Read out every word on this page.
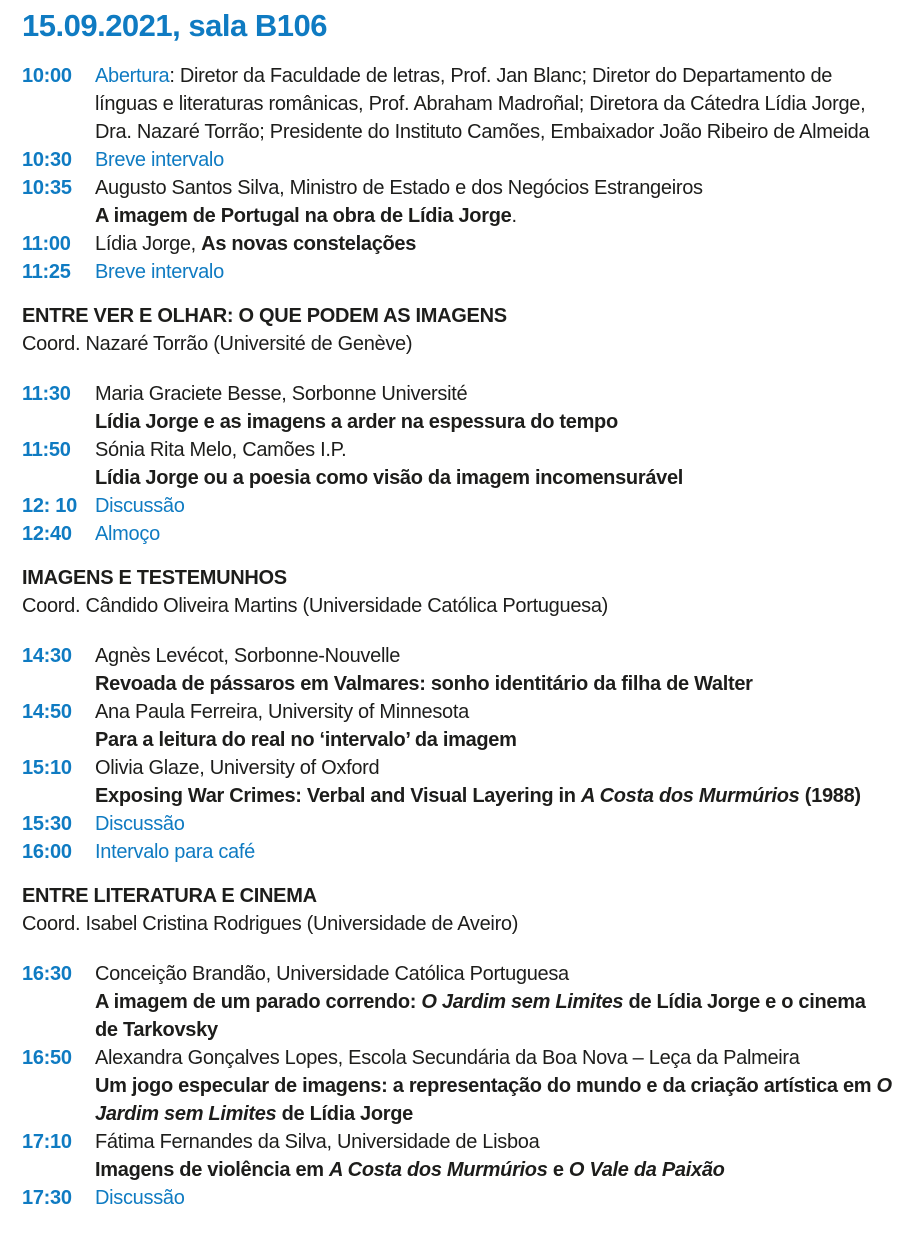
15.09.2021, sala B106
10:00	Abertura: Diretor da Faculdade de letras, Prof. Jan Blanc; Diretor do Departamento de línguas e literaturas românicas, Prof. Abraham Madroñal; Diretora da Cátedra Lídia Jorge, Dra. Nazaré Torrão; Presidente do Instituto Camões, Embaixador João Ribeiro de Almeida

10:30	Breve intervalo

10:35	Augusto Santos Silva, Ministro de Estado e dos Negócios Estrangeiros

A imagem de Portugal na obra de Lídia Jorge.

11:00	Lídia Jorge, As novas constelações

11:25	Breve intervalo

ENTRE VER E OLHAR: O QUE PODEM AS IMAGENS
Coord. Nazaré Torrão (Université de Genève)
11:30	Maria Graciete Besse, Sorbonne Université

Lídia Jorge e as imagens a arder na espessura do tempo

11:50	Sónia Rita Melo, Camões I.P.

Lídia Jorge ou a poesia como visão da imagem incomensurável

12: 10 Discussão

12:40	Almoço

IMAGENS E TESTEMUNHOS
Coord. Cândido Oliveira Martins (Universidade Católica Portuguesa)
14:30	Agnès Levécot, Sorbonne-Nouvelle

Revoada de pássaros em Valmares: sonho identitário da filha de Walter

14:50	Ana Paula Ferreira, University of Minnesota

Para a leitura do real no ‘intervalo’ da imagem

15:10	Olivia Glaze, University of Oxford

Exposing War Crimes: Verbal and Visual Layering in A Costa dos Murmúrios (1988)

15:30	Discussão

16:00	Intervalo para café

ENTRE LITERATURA E CINEMA
Coord. Isabel Cristina Rodrigues (Universidade de Aveiro)
16:30	Conceição Brandão, Universidade Católica Portuguesa

A imagem de um parado correndo: O Jardim sem Limites de Lídia Jorge e o cinema de Tarkovsky

16:50	Alexandra Gonçalves Lopes, Escola Secundária da Boa Nova – Leça da Palmeira

Um jogo especular de imagens: a representação do mundo e da criação artística em O Jardim sem Limites de Lídia Jorge

17:10	Fátima Fernandes da Silva, Universidade de Lisboa

Imagens de violência em A Costa dos Murmúrios e O Vale da Paixão

17:30	Discussão
